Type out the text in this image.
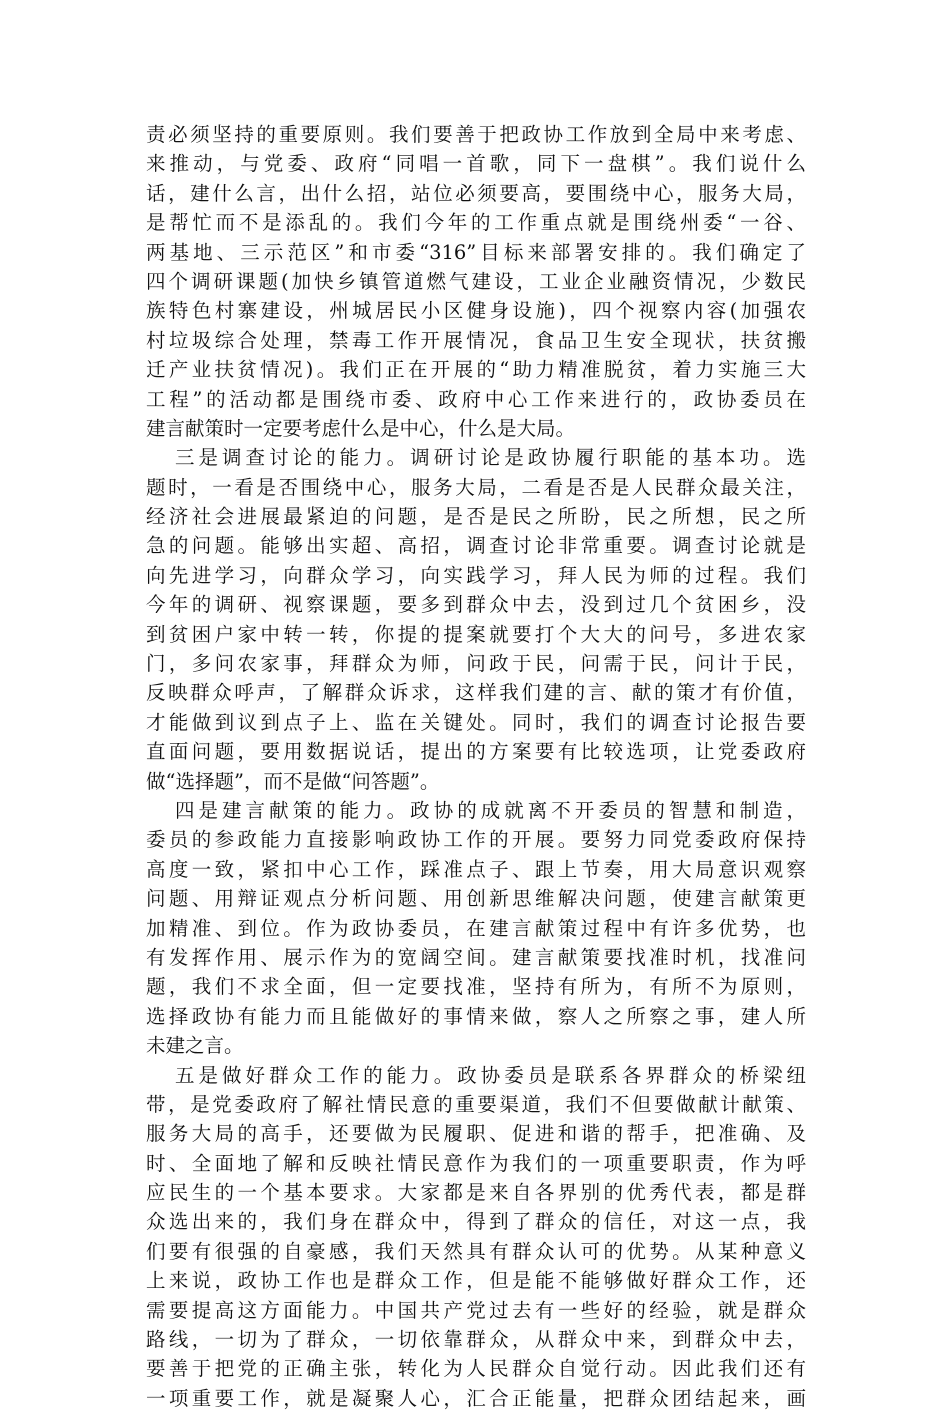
责必须坚持的重要原则。我们要善于把政协工作放到全局中来考虑、
来推动，与党委、政府“同唱一首歌，同下一盘棋”。我们说什么
话，建什么言，出什么招，站位必须要高，要围绕中心，服务大局，
是帮忙而不是添乱的。我们今年的工作重点就是围绕州委“一谷、
两基地、三示范区”和市委“316”目标来部署安排的。我们确定了
四个调研课题(加快乡镇管道燃气建设，工业企业融资情况，少数民
族特色村寨建设，州城居民小区健身设施)，四个视察内容(加强农
村垃圾综合处理，禁毒工作开展情况，食品卫生安全现状，扶贫搬
迁产业扶贫情况)。我们正在开展的“助力精准脱贫，着力实施三大
工程”的活动都是围绕市委、政府中心工作来进行的，政协委员在
建言献策时一定要考虑什么是中心，什么是大局。
三是调查讨论的能力。调研讨论是政协履行职能的基本功。选
题时，一看是否围绕中心，服务大局，二看是否是人民群众最关注，
经济社会进展最紧迫的问题，是否是民之所盼，民之所想，民之所
急的问题。能够出实超、高招，调查讨论非常重要。调查讨论就是
向先进学习，向群众学习，向实践学习，拜人民为师的过程。我们
今年的调研、视察课题，要多到群众中去，没到过几个贫困乡，没
到贫困户家中转一转，你提的提案就要打个大大的问号，多进农家
门，多问农家事，拜群众为师，问政于民，问需于民，问计于民，
反映群众呼声，了解群众诉求，这样我们建的言、献的策才有价值，
才能做到议到点子上、监在关键处。同时，我们的调查讨论报告要
直面问题，要用数据说话，提出的方案要有比较选项，让党委政府
做“选择题”，而不是做“问答题”。
四是建言献策的能力。政协的成就离不开委员的智慧和制造，
委员的参政能力直接影响政协工作的开展。要努力同党委政府保持
高度一致，紧扣中心工作，踩准点子、跟上节奏，用大局意识观察
问题、用辩证观点分析问题、用创新思维解决问题，使建言献策更
加精准、到位。作为政协委员，在建言献策过程中有许多优势，也
有发挥作用、展示作为的宽阔空间。建言献策要找准时机，找准问
题，我们不求全面，但一定要找准，坚持有所为，有所不为原则，
选择政协有能力而且能做好的事情来做，察人之所察之事，建人所
未建之言。
五是做好群众工作的能力。政协委员是联系各界群众的桥梁纽
带，是党委政府了解社情民意的重要渠道，我们不但要做献计献策、
服务大局的高手，还要做为民履职、促进和谐的帮手，把准确、及
时、全面地了解和反映社情民意作为我们的一项重要职责，作为呼
应民生的一个基本要求。大家都是来自各界别的优秀代表，都是群
众选出来的，我们身在群众中，得到了群众的信任，对这一点，我
们要有很强的自豪感，我们天然具有群众认可的优势。从某种意义
上来说，政协工作也是群众工作，但是能不能够做好群众工作，还
需要提高这方面能力。中国共产党过去有一些好的经验，就是群众
路线，一切为了群众，一切依靠群众，从群众中来，到群众中去，
要善于把党的正确主张，转化为人民群众自觉行动。因此我们还有
一项重要工作，就是凝聚人心，汇合正能量，把群众团结起来，画
